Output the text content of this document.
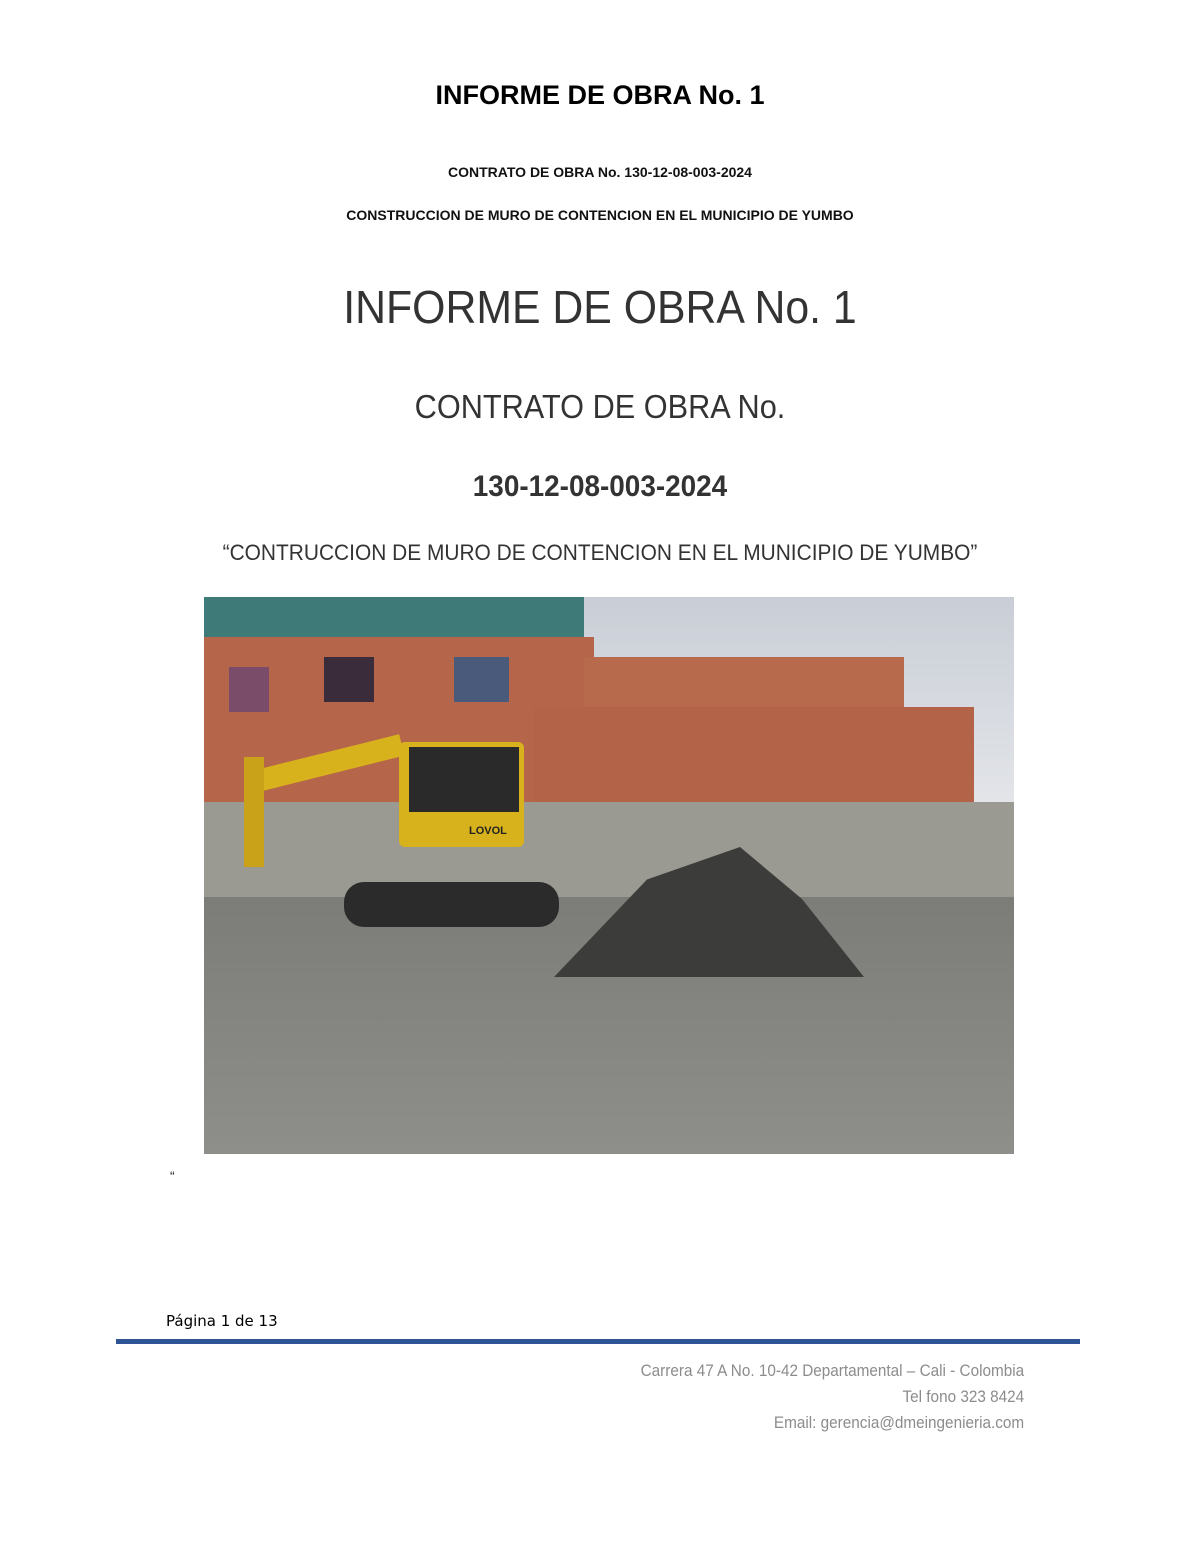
INFORME DE OBRA No. 1
CONTRATO DE OBRA No. 130-12-08-003-2024
CONSTRUCCION DE MURO DE CONTENCION EN EL MUNICIPIO DE YUMBO
INFORME DE OBRA No. 1
CONTRATO DE OBRA No.
130-12-08-003-2024
“CONTRUCCION DE MURO DE CONTENCION EN EL MUNICIPIO DE YUMBO”
LOVOL
“
Página 1 de 13
Carrera 47 A No. 10-42 Departamental – Cali - Colombia
Tel fono 323 8424
Email: gerencia@dmeingenieria.com
